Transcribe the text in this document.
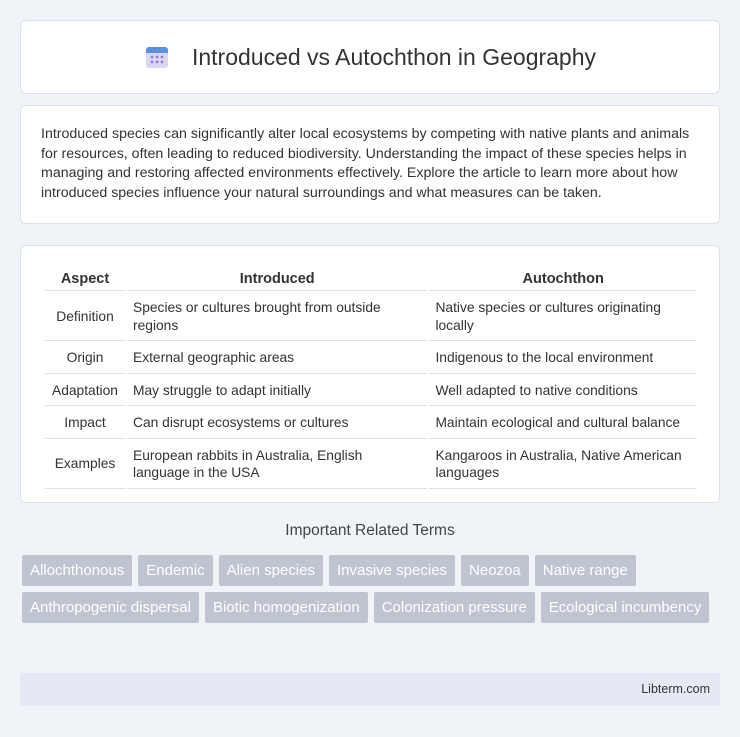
Introduced vs Autochthon in Geography

Introduced species can significantly alter local ecosystems by competing with native plants and animals for resources, often leading to reduced biodiversity. Understanding the impact of these species helps in managing and restoring affected environments effectively. Explore the article to learn more about how introduced species influence your natural surroundings and what measures can be taken.

Aspect	Introduced	Autochthon
Definition	Species or cultures brought from outside regions	Native species or cultures originating locally
Origin	External geographic areas	Indigenous to the local environment
Adaptation	May struggle to adapt initially	Well adapted to native conditions
Impact	Can disrupt ecosystems or cultures	Maintain ecological and cultural balance
Examples	European rabbits in Australia, English language in the USA	Kangaroos in Australia, Native American languages
Important Related Terms
Allochthonous	Endemic	Alien species	Invasive species	Neozoa	Native range
Anthropogenic dispersal	Biotic homogenization	Colonization pressure	Ecological incumbency
Libterm.com
